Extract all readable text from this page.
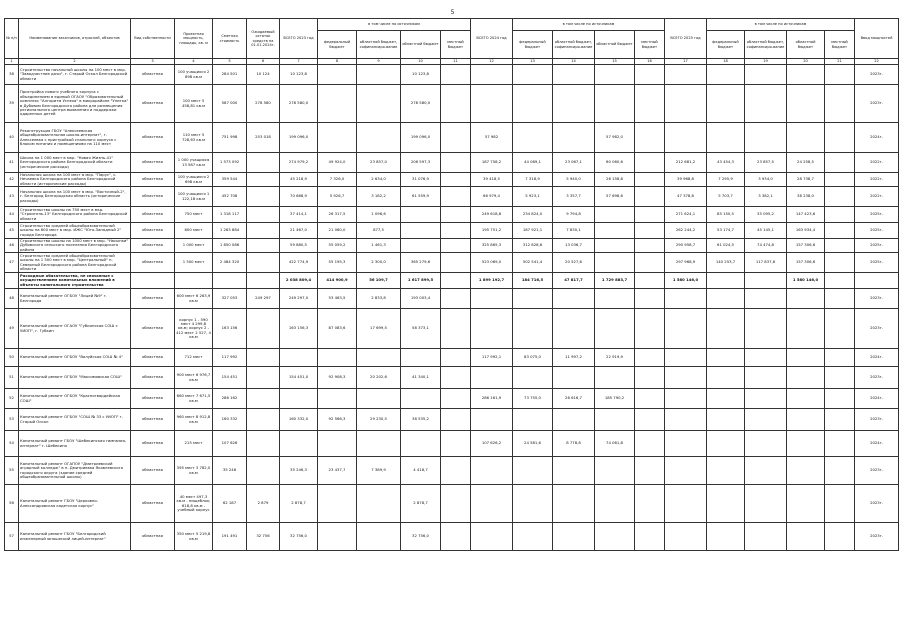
5
№ п/п	Наименование заказчиков, отраслей, объектов	Вид собственности	Проектная мощность, площадь, кв. м	Сметная стоимость	Ожидаемый остаток средств на 01.01.2024г.	ВСЕГО 2023 год	в том числе по источникам				ВСЕГО 2024 год	в том числе по источникам				ВСЕГО 2025 год	в том числе по источникам				Ввод мощностей
							федеральный бюджет	областной бюджет, софинансиро-вание	областной бюджет	местный бюджет		федеральный бюджет	областной бюджет, софинансиро-вание	областной бюджет	местный бюджет		федеральный бюджет	областной бюджет, софинансиро-вание	областной бюджет	местный бюджет	
1	2	3	4	5	6	7	8	9	10	11	12	13	14	15	16	17	18	19	20	21	22
38	Строительство начальной школы на 100 мест в мкр. "Заводчастние дачи", г. Старый Оскол Белгородской области	областная	100 учащихся 2 898 кв.м	284 501	10 124	10 123,8			10 123,8												2023г.
39	Пристройка нового учебного корпуса с объединением в единый ОГАОУ "Образовательный комплекс "Алгоритм Успеха" в микрорайоне "Улитка" в Дубовом Белгородского района для размещения регионального центра выявления и поддержки одаренных детей	областная	100 мест 5 458,81 кв.м	587 000	278 580	278 580,0			278 580,0												2023г.
40	Реконструкция ГБОУ "Алексеевская общеобразовательная школа-интернат", г. Алексеевка с пристройкой спального корпуса с блоком питания и помещениями на 110 мест	областная	110 мест 5 728,63 кв.м	751 998	253 018	199 096,0			199 096,0		57 982			57 982,0							2024г.
41	Школа на 1 000 мест в мкр. "Новая Жизнь-41" Белгородского района Белгородской области (исторические расходы)	областная	1 000 учащихся 13 587 кв.м	1 573 092		274 979,2	49 924,0	23 857,0	206 597,3		187 758,2	44 089,1	23 067,1	60 060,6		212 681,2	43 454,3	23 857,5	24 258,5		2022г.
42	Начальная школа на 100 мест в мкр. "Парус", с. Нечаевка Белгородского района Белгородской области (исторические расходы)	областная	100 учащихся 2 698 кв.м	359 544		45 218,9	7 326,0	2 634,0	31 076,9		39 418,5	7 318,9	5 940,0	26 158,8		39 968,8	7 295,9	3 934,0	28 738,7		2022г.
43	Начальная школа на 100 мест в мкр. "Восточный-2", г. Белгород Белгородская область (исторические расходы)	областная	100 учащихся 1 122,18 кв.м	452 708		70 668,9	5 926,7	3 182,2	61 559,9		66 979,4	5 923,1	3 357,7	57 698,6		47 378,8	5 703,7	3 382,1	38 238,0		2022г.
44	Строительство школы на 750 мест в мкр. "Строитель-13" Белгородского района Белгородской области	областная	750 мест	1 318 117		37 414,1	26 317,5	1 096,6			249 618,8	234 824,0	9 794,8			271 624,1	85 150,5	35 095,2	147 423,6		2025г.
45	Строительство средней общеобразовательной школы на 600 мест в мкр. ИЖС "Юго-Западный 2" города Белгорода	областная	600 мест	1 263 884		21 467,0	21 060,0	877,5			195 751,2	187 921,1	7 830,1			262 244,2	53 174,7	45 145,1	163 934,4		2025г.
46	Строительство школы на 1000 мест в мкр. "Насыпки" Дубовского сельского поселения Белгородского района	областная	1 000 мест	1 850 086		59 880,5	55 059,2	1 461,3			325 865,3	312 828,6	13 036,7			290 958,7	61 024,5	74 474,8	157 306,6		2025г.
47	Строительство средней общеобразовательной школы на 1 500 мест в мкр. "Центральный" п. Северный Белгородского района Белгородской области	областная	1 500 мест	2 484 320		422 774,9	55 195,3	2 300,0	365 279,6		523 069,0	502 541,4	20 527,6			297 968,9	140 253,7	117 837,6	157 306,6		2025г.
	Расходные обязательства, не связанные с осуществлением капитальных вложений в объекты капитального строительства					2 038 809,4	414 900,9	56 109,7	1 617 899,5		1 899 192,7	184 716,5	47 817,7	1 729 883,7		1 580 146,0			1 580 146,0		
48	Капитальный ремонт ОГБОУ "Лицей №9" г. Белгорода	областная	600 мест 6 263,9 кв.м	327 053	249 297	249 297,0	53 463,5	2 833,8	193 003,4												2023г.
49	Капитальный ремонт ОГАОУ "Губкинская СОШ с УИОП", г. Губкин	областная	корпус 1 - 590 мест 4 299,8 кв.м; корпус 2 - 412 мест 2 527, 4 кв.м	163 156		163 156,3	87 083,6	17 699,5	58 373,1												2023г.
50	Капитальный ремонт ОГБОУ "Валуйская СОШ № 4"	областная	712 мест	117 992							117 992,1	83 075,0	11 997,2	22 919,9							2024г.
51	Капитальный ремонт ОГБОУ "Максимовская СОШ"	областная	900 мест 6 976,7 кв.м	154 451		154 451,0	92 908,3	20 202,6	41 340,1												2023г.
52	Капитальный ремонт ОГБОУ "Красногвардейская СОШ"	областная	660 мест 7 671,5 кв.м	286 162							286 161,9	73 755,0	26 616,7	185 790,2							2024г.
53	Капитальный ремонт ОГБОУ "СОШ № 33 с УИОП" г. Старый Оскол	областная	960 мест 8 912,8 кв.м	160 332		160 332,0	92 566,3	29 230,5	38 535,2												2023г.
54	Капитальный ремонт ГБОУ "Шебекинская гимназия-интернат" г. Шебекино	областная	215 мест	107 626							107 626,2	24 581,6	8 778,8	74 061,8							2024г.
55	Капитальный ремонт ОГАПОУ "Дмитриевский аграрный колледж" в п. Дмитриевка Яковлевского городского округа (здание средней общеобразовательной школы)	областная	395 мест 3 782,0 кв.м	35 246		35 246,3	23 437,7	7 389,9	4 418,7												2023г.
56	Капитальный ремонт ГБОУ "Церковно-Александровская кадетская корпус"	областная	40 мест 497,3 кв.м - пищеблок; 618,8 кв.м - учебный корпус	62 187	2 879	2 878,7			2 878,7												2023г.
57	Капитальный ремонт ГБОУ "Белгородский инженерный юношеский лицей-интернат"	областная	350 мест 5 219,8 кв.м	191 491	32 756	32 756,0			32 756,0												2023г.
